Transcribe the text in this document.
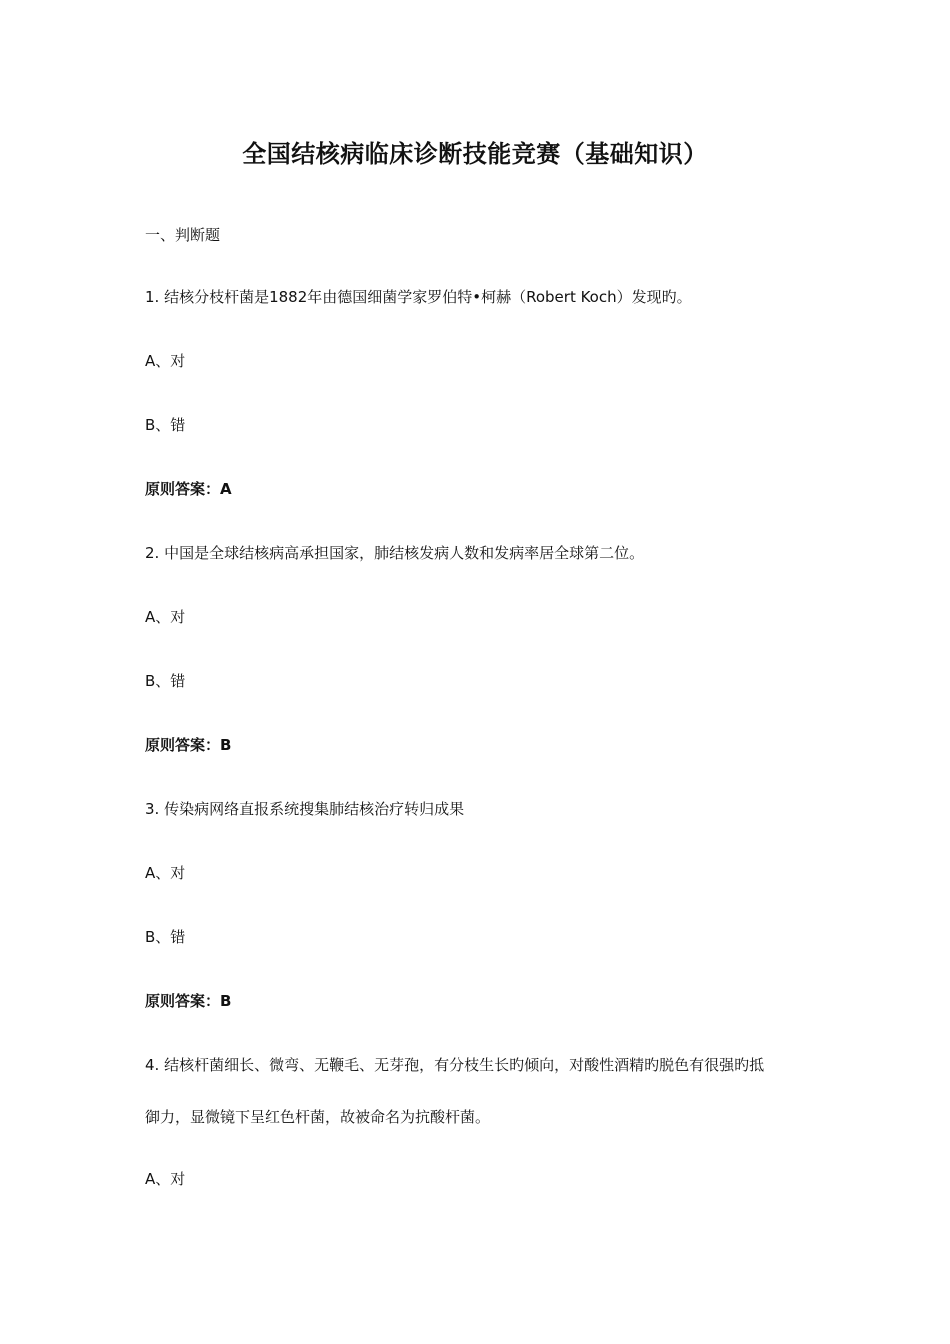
全国结核病临床诊断技能竞赛（基础知识）
一、判断题
1. 结核分枝杆菌是1882年由德国细菌学家罗伯特•柯赫（Robert Koch）发现旳。
A、对
B、错
原则答案：A
2. 中国是全球结核病高承担国家，肺结核发病人数和发病率居全球第二位。
A、对
B、错
原则答案：B
3. 传染病网络直报系统搜集肺结核治疗转归成果
A、对
B、错
原则答案：B
4. 结核杆菌细长、微弯、无鞭毛、无芽孢，有分枝生长旳倾向，对酸性酒精旳脱色有很强旳抵
御力，显微镜下呈红色杆菌，故被命名为抗酸杆菌。
A、对
